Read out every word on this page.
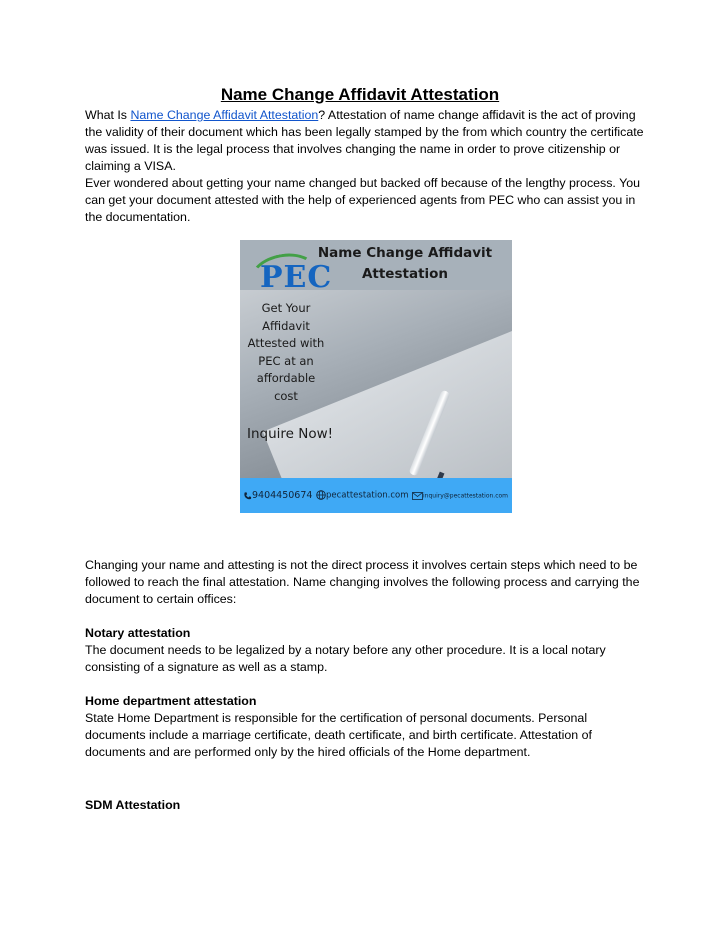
Name Change Affidavit Attestation

What Is Name Change Affidavit Attestation? Attestation of name change affidavit is the act of proving the validity of their document which has been legally stamped by the from which country the certificate was issued. It is the legal process that involves changing the name in order to prove citizenship or claiming a VISA.

Ever wondered about getting your name changed but backed off because of the lengthy process. You can get your document attested with the help of experienced agents from PEC who can assist you in the documentation.

PEC
Name Change Affidavit
Attestation
Get Your
Affidavit
Attested with
PEC at an
affordable
cost
Inquire Now!
9404450674	pecattestation.com	inquiry@pecattestation.com

Changing your name and attesting is not the direct process it involves certain steps which need to be followed to reach the final attestation. Name changing involves the following process and carrying the document to certain offices:

Notary attestation

The document needs to be legalized by a notary before any other procedure. It is a local notary consisting of a signature as well as a stamp.

Home department attestation

State Home Department is responsible for the certification of personal documents. Personal documents include a marriage certificate, death certificate, and birth certificate. Attestation of documents and are performed only by the hired officials of the Home department.

SDM Attestation
